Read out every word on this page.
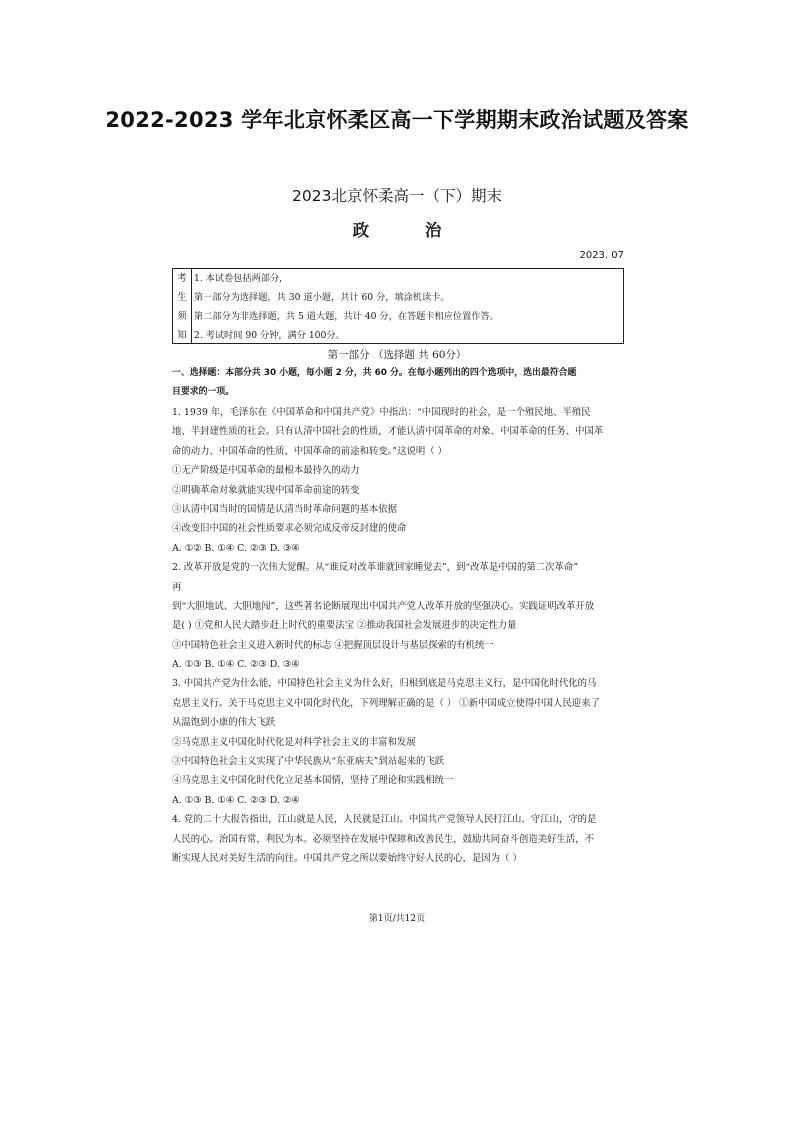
2022-2023 学年北京怀柔区高一下学期期末政治试题及答案
2023北京怀柔高一（下）期末
政	治
2023. 07
考
生
须
知
1. 本试卷包括两部分，
第一部分为选择题，共 30 道小题，共计 60 分，填涂机读卡。
第二部分为非选择题，共 5 道大题，共计 40 分，在答题卡相应位置作答。
2. 考试时间 90 分钟，满分 100分。
第一部分 （选择题 共 60分）
一、选择题：本部分共 30 小题，每小题 2 分，共 60 分。在每小题列出的四个选项中，选出最符合题
目要求的一项。
1. 1939 年，毛泽东在《中国革命和中国共产党》中指出：“中国现时的社会，是一个殖民地、半殖民
地、半封建性质的社会。只有认清中国社会的性质，才能认清中国革命的对象、中国革命的任务、中国革
命的动力、中国革命的性质、中国革命的前途和转变。”这说明（ ）
①无产阶级是中国革命的最根本最持久的动力
②明确革命对象就能实现中国革命前途的转变
③认清中国当时的国情是认清当时革命问题的基本依据
④改变旧中国的社会性质要求必须完成反帝反封建的使命
A. ①② B. ①④ C. ②③ D. ③④
2. 改革开放是党的一次伟大觉醒。从“谁反对改革谁就回家睡觉去”，到“改革是中国的第二次革命”
再
到“大胆地试、大胆地闯”，这些著名论断展现出中国共产党人改革开放的坚强决心。实践证明改革开放
是( ) ①党和人民大踏步赶上时代的重要法宝 ②推动我国社会发展进步的决定性力量
③中国特色社会主义进入新时代的标志 ④把握顶层设计与基层探索的有机统一
A. ①③ B. ①④ C. ②③ D. ③④
3. 中国共产党为什么能，中国特色社会主义为什么好，归根到底是马克思主义行，是中国化时代化的马
克思主义行。关于马克思主义中国化时代化，下列理解正确的是（ ） ①新中国成立使得中国人民迎来了
从温饱到小康的伟大飞跃
②马克思主义中国化时代化是对科学社会主义的丰富和发展
③中国特色社会主义实现了中华民族从“东亚病夫”到站起来的飞跃
④马克思主义中国化时代化立足基本国情，坚持了理论和实践相统一
A. ①③ B. ①④ C. ②③ D. ②④
4. 党的二十大报告指出，江山就是人民，人民就是江山。中国共产党领导人民打江山、守江山，守的是
人民的心。治国有常，利民为本。必须坚持在发展中保障和改善民生，鼓励共同奋斗创造美好生活，不
断实现人民对美好生活的向往。中国共产党之所以要始终守好人民的心，是因为（ ）
第1页/共12页
